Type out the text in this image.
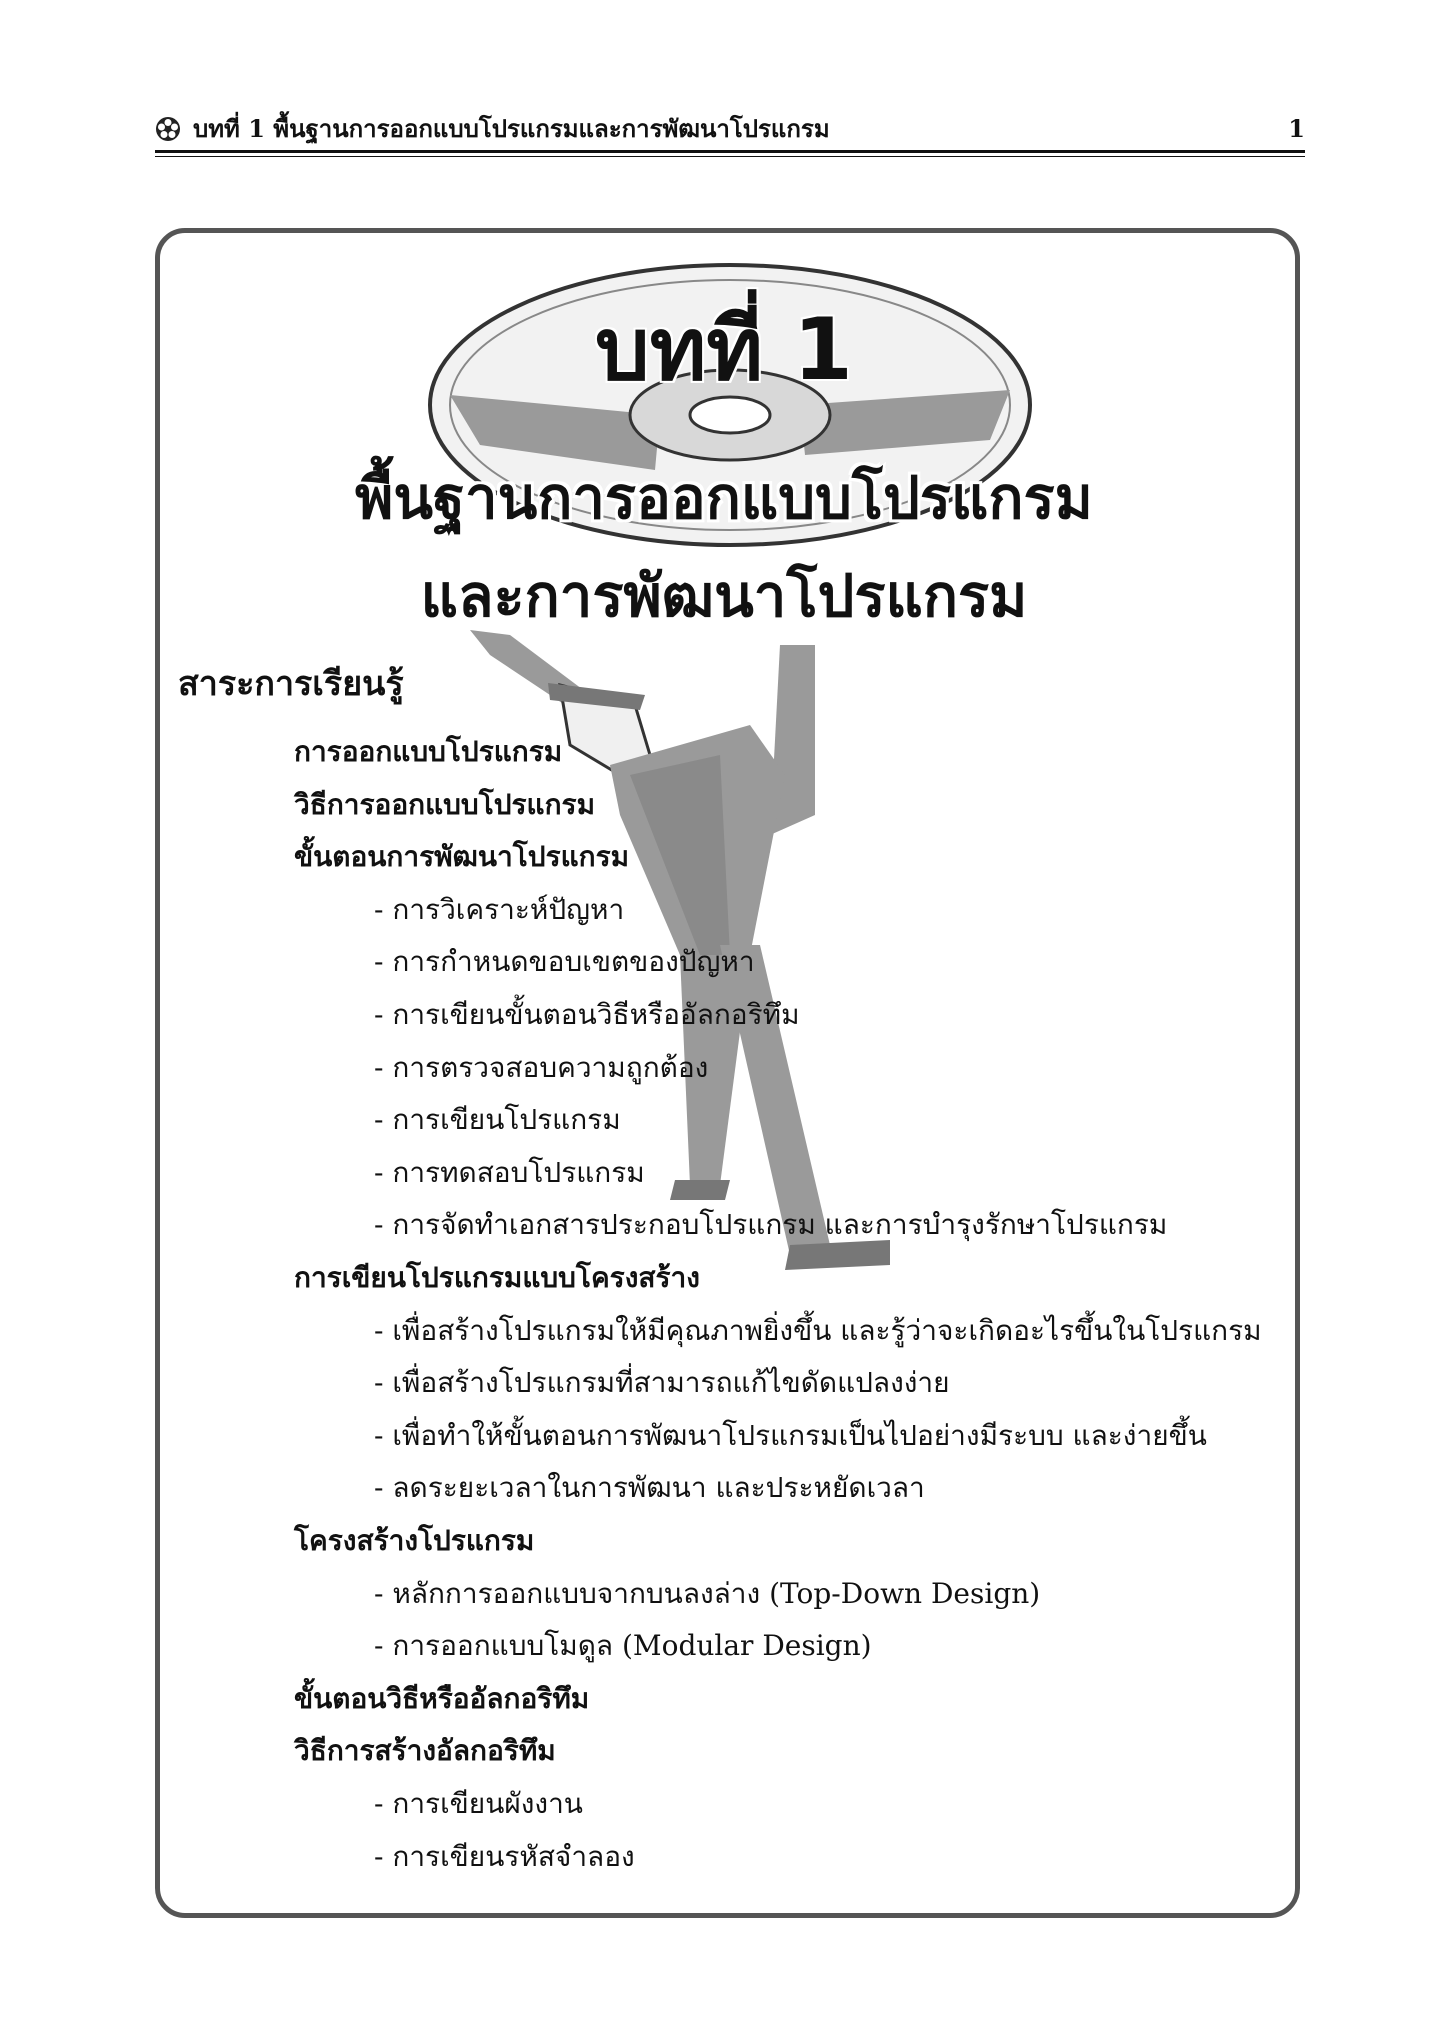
บทที่ 1 พื้นฐานการออกแบบโปรแกรมและการพัฒนาโปรแกรม	1
บทที่ 1
พื้นฐานการออกแบบโปรแกรม
และการพัฒนาโปรแกรม
สาระการเรียนรู้
การออกแบบโปรแกรม
วิธีการออกแบบโปรแกรม
ขั้นตอนการพัฒนาโปรแกรม
- การวิเคราะห์ปัญหา
- การกำหนดขอบเขตของปัญหา
- การเขียนขั้นตอนวิธีหรืออัลกอริทึม
- การตรวจสอบความถูกต้อง
- การเขียนโปรแกรม
- การทดสอบโปรแกรม
- การจัดทำเอกสารประกอบโปรแกรม และการบำรุงรักษาโปรแกรม
การเขียนโปรแกรมแบบโครงสร้าง
- เพื่อสร้างโปรแกรมให้มีคุณภาพยิ่งขึ้น และรู้ว่าจะเกิดอะไรขึ้นในโปรแกรม
- เพื่อสร้างโปรแกรมที่สามารถแก้ไขดัดแปลงง่าย
- เพื่อทำให้ขั้นตอนการพัฒนาโปรแกรมเป็นไปอย่างมีระบบ และง่ายขึ้น
- ลดระยะเวลาในการพัฒนา และประหยัดเวลา
โครงสร้างโปรแกรม
- หลักการออกแบบจากบนลงล่าง (Top-Down Design)
- การออกแบบโมดูล (Modular Design)
ขั้นตอนวิธีหรืออัลกอริทึม
วิธีการสร้างอัลกอริทึม
- การเขียนผังงาน
- การเขียนรหัสจำลอง
